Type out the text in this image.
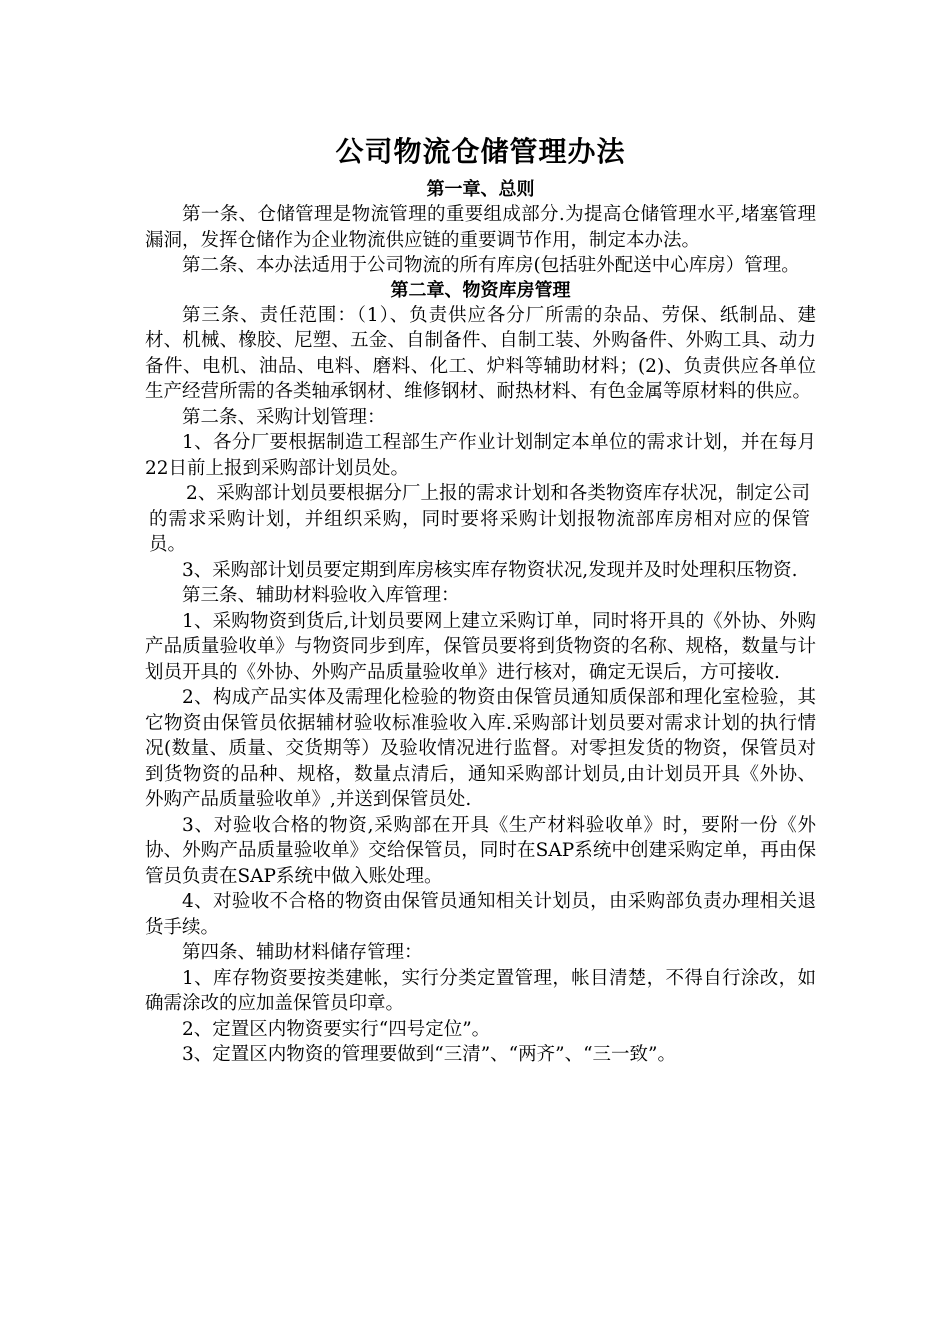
公司物流仓储管理办法
第一章、总则

第一条、仓储管理是物流管理的重要组成部分.为提高仓储管理水平,堵塞管理漏洞，发挥仓储作为企业物流供应链的重要调节作用，制定本办法。

第二条、本办法适用于公司物流的所有库房(包括驻外配送中心库房）管理。

第二章、物资库房管理

第三条、责任范围：（1）、负责供应各分厂所需的杂品、劳保、纸制品、建材、机械、橡胶、尼塑、五金、自制备件、自制工装、外购备件、外购工具、动力备件、电机、油品、电料、磨料、化工、炉料等辅助材料；(2)、负责供应各单位生产经营所需的各类轴承钢材、维修钢材、耐热材料、有色金属等原材料的供应。

第二条、采购计划管理：

1、各分厂要根据制造工程部生产作业计划制定本单位的需求计划，并在每月22日前上报到采购部计划员处。

2、采购部计划员要根据分厂上报的需求计划和各类物资库存状况，制定公司的需求采购计划，并组织采购，同时要将采购计划报物流部库房相对应的保管员。

3、采购部计划员要定期到库房核实库存物资状况,发现并及时处理积压物资.

第三条、辅助材料验收入库管理：

1、采购物资到货后,计划员要网上建立采购订单，同时将开具的《外协、外购产品质量验收单》与物资同步到库，保管员要将到货物资的名称、规格，数量与计划员开具的《外协、外购产品质量验收单》进行核对，确定无误后，方可接收.

2、构成产品实体及需理化检验的物资由保管员通知质保部和理化室检验，其它物资由保管员依据辅材验收标准验收入库.采购部计划员要对需求计划的执行情况(数量、质量、交货期等）及验收情况进行监督。对零担发货的物资，保管员对到货物资的品种、规格，数量点清后，通知采购部计划员,由计划员开具《外协、外购产品质量验收单》,并送到保管员处.

3、对验收合格的物资,采购部在开具《生产材料验收单》时，要附一份《外协、外购产品质量验收单》交给保管员，同时在SAP系统中创建采购定单，再由保管员负责在SAP系统中做入账处理。

4、对验收不合格的物资由保管员通知相关计划员，由采购部负责办理相关退货手续。

第四条、辅助材料储存管理：

1、库存物资要按类建帐，实行分类定置管理，帐目清楚，不得自行涂改，如确需涂改的应加盖保管员印章。

2、定置区内物资要实行“四号定位”。

3、定置区内物资的管理要做到“三清”、“两齐”、“三一致”。
